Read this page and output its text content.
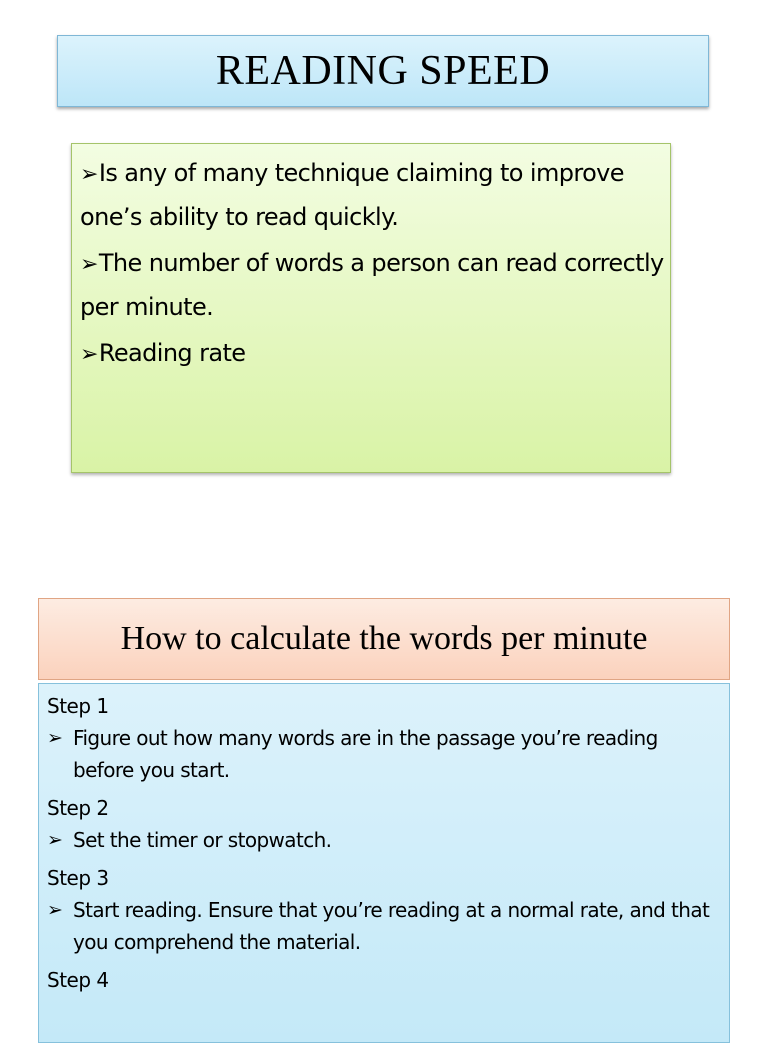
READING SPEED
➢Is any of many technique claiming to improve one’s ability to read quickly.
➢The number of words a person can read correctly per minute.
➢Reading rate
How to calculate the words per minute
Step 1
➢ Figure out how many words are in the passage you’re reading before you start.
Step 2
➢ Set the timer or stopwatch.
Step 3
➢ Start reading. Ensure that you’re reading at a normal rate, and that you comprehend the material.
Step 4
